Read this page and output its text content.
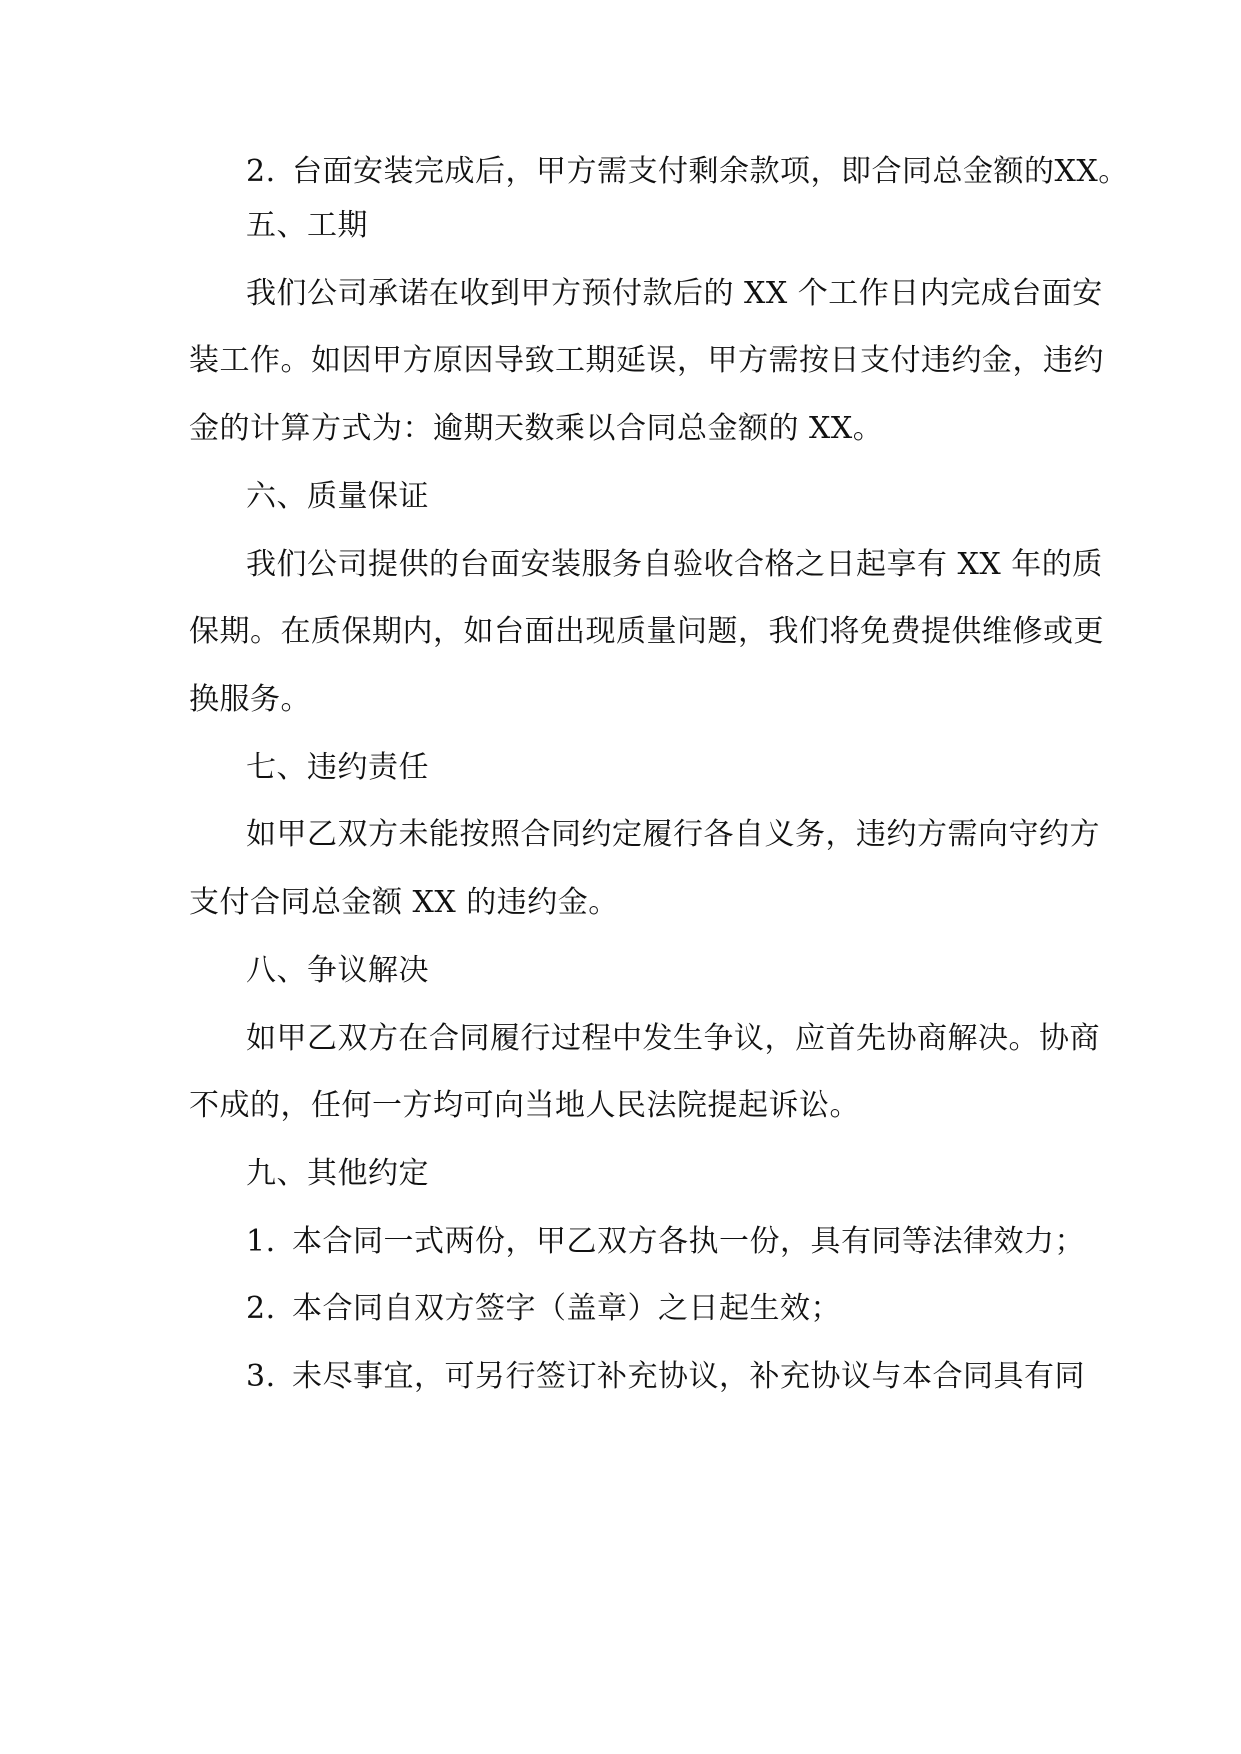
2. 台面安装完成后，甲方需支付剩余款项，即合同总金额的XX。
五、工期
我们公司承诺在收到甲方预付款后的 XX 个工作日内完成台面安
装工作。如因甲方原因导致工期延误，甲方需按日支付违约金，违约
金的计算方式为：逾期天数乘以合同总金额的 XX。
六、质量保证
我们公司提供的台面安装服务自验收合格之日起享有 XX 年的质
保期。在质保期内，如台面出现质量问题，我们将免费提供维修或更
换服务。
七、违约责任
如甲乙双方未能按照合同约定履行各自义务，违约方需向守约方
支付合同总金额 XX 的违约金。
八、争议解决
如甲乙双方在合同履行过程中发生争议，应首先协商解决。协商
不成的，任何一方均可向当地人民法院提起诉讼。
九、其他约定
1. 本合同一式两份，甲乙双方各执一份，具有同等法律效力；
2. 本合同自双方签字（盖章）之日起生效；
3. 未尽事宜，可另行签订补充协议，补充协议与本合同具有同
